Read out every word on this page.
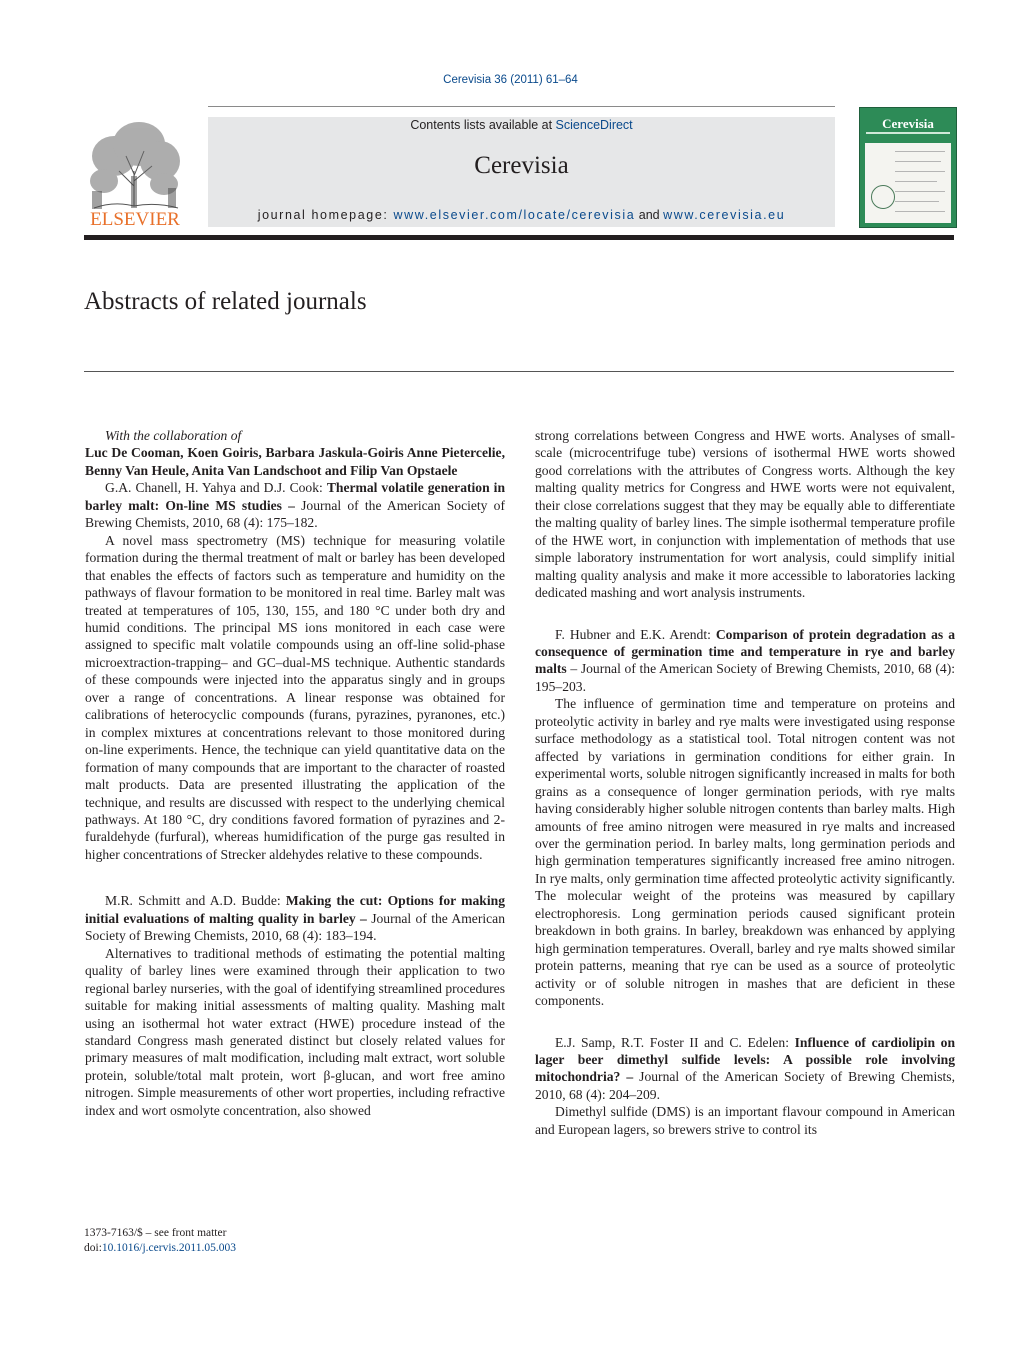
Cerevisia 36 (2011) 61–64
ELSEVIER
Contents lists available at ScienceDirect
Cerevisia
journal homepage: www.elsevier.com/locate/cerevisia and www.cerevisia.eu
Cerevisia
Abstracts of related journals

With the collaboration of

Luc De Cooman, Koen Goiris, Barbara Jaskula-Goiris Anne Pietercelie, Benny Van Heule, Anita Van Landschoot and Filip Van Opstaele

G.A. Chanell, H. Yahya and D.J. Cook: Thermal volatile generation in barley malt: On-line MS studies – Journal of the American Society of Brewing Chemists, 2010, 68 (4): 175–182.

A novel mass spectrometry (MS) technique for measuring volatile formation during the thermal treatment of malt or barley has been developed that enables the effects of factors such as temperature and humidity on the pathways of flavour formation to be monitored in real time. Barley malt was treated at temperatures of 105, 130, 155, and 180 °C under both dry and humid conditions. The principal MS ions monitored in each case were assigned to specific malt volatile compounds using an off-line solid-phase microextraction-trapping– and GC–dual-MS technique. Authentic standards of these compounds were injected into the apparatus singly and in groups over a range of concentrations. A linear response was obtained for calibrations of heterocyclic compounds (furans, pyrazines, pyranones, etc.) in complex mixtures at concentrations relevant to those monitored during on-line experiments. Hence, the technique can yield quantitative data on the formation of many compounds that are important to the character of roasted malt products. Data are presented illustrating the application of the technique, and results are discussed with respect to the underlying chemical pathways. At 180 °C, dry conditions favored formation of pyrazines and 2-furaldehyde (furfural), whereas humidification of the purge gas resulted in higher concentrations of Strecker aldehydes relative to these compounds.

M.R. Schmitt and A.D. Budde: Making the cut: Options for making initial evaluations of malting quality in barley – Journal of the American Society of Brewing Chemists, 2010, 68 (4): 183–194.

Alternatives to traditional methods of estimating the potential malting quality of barley lines were examined through their application to two regional barley nurseries, with the goal of identifying streamlined procedures suitable for making initial assessments of malting quality. Mashing malt using an isothermal hot water extract (HWE) procedure instead of the standard Congress mash generated distinct but closely related values for primary measures of malt modification, including malt extract, wort soluble protein, soluble/total malt protein, wort β-glucan, and wort free amino nitrogen. Simple measurements of other wort properties, including refractive index and wort osmolyte concentration, also showed

strong correlations between Congress and HWE worts. Analyses of small-scale (microcentrifuge tube) versions of isothermal HWE worts showed good correlations with the attributes of Congress worts. Although the key malting quality metrics for Congress and HWE worts were not equivalent, their close correlations suggest that they may be equally able to differentiate the malting quality of barley lines. The simple isothermal temperature profile of the HWE wort, in conjunction with implementation of methods that use simple laboratory instrumentation for wort analysis, could simplify initial malting quality analysis and make it more accessible to laboratories lacking dedicated mashing and wort analysis instruments.

F. Hubner and E.K. Arendt: Comparison of protein degradation as a consequence of germination time and temperature in rye and barley malts – Journal of the American Society of Brewing Chemists, 2010, 68 (4): 195–203.

The influence of germination time and temperature on proteins and proteolytic activity in barley and rye malts were investigated using response surface methodology as a statistical tool. Total nitrogen content was not affected by variations in germination conditions for either grain. In experimental worts, soluble nitrogen significantly increased in malts for both grains as a consequence of longer germination periods, with rye malts having considerably higher soluble nitrogen contents than barley malts. High amounts of free amino nitrogen were measured in rye malts and increased over the germination period. In barley malts, long germination periods and high germination temperatures significantly increased free amino nitrogen. In rye malts, only germination time affected proteolytic activity significantly. The molecular weight of the proteins was measured by capillary electrophoresis. Long germination periods caused significant protein breakdown in both grains. In barley, breakdown was enhanced by applying high germination temperatures. Overall, barley and rye malts showed similar protein patterns, meaning that rye can be used as a source of proteolytic activity or of soluble nitrogen in mashes that are deficient in these components.

E.J. Samp, R.T. Foster II and C. Edelen: Influence of cardiolipin on lager beer dimethyl sulfide levels: A possible role involving mitochondria? – Journal of the American Society of Brewing Chemists, 2010, 68 (4): 204–209.

Dimethyl sulfide (DMS) is an important flavour compound in American and European lagers, so brewers strive to control its

1373-7163/$ – see front matter
doi:10.1016/j.cervis.2011.05.003
